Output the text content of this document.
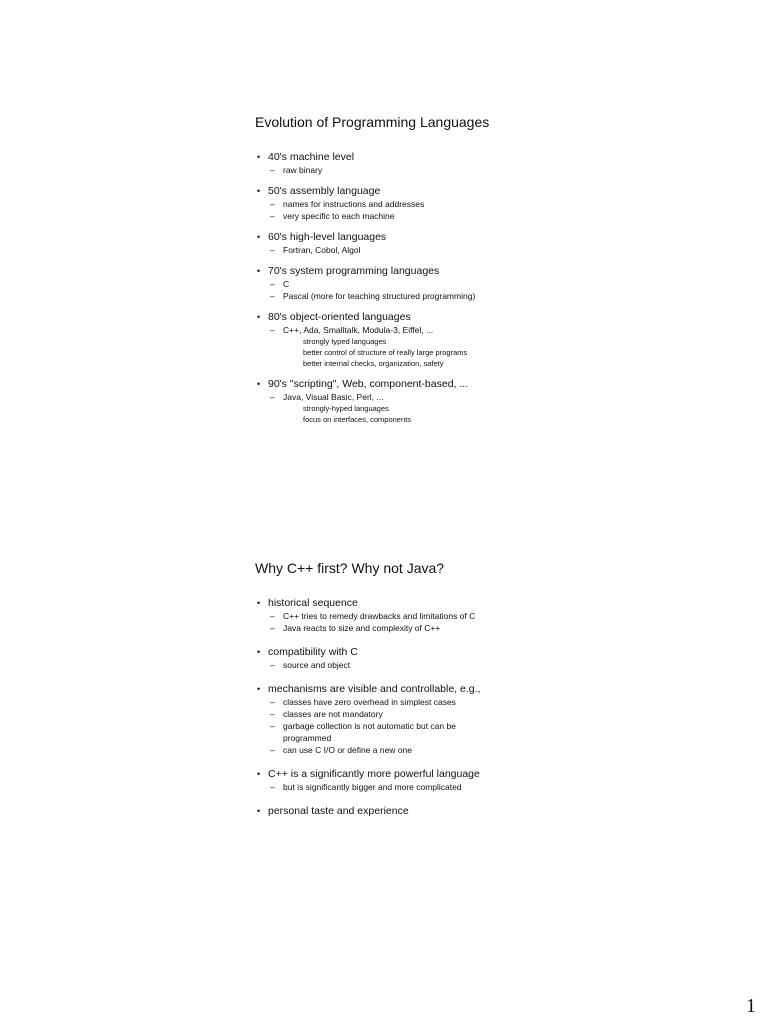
Evolution of Programming Languages
• 40's machine level
– raw binary
• 50's assembly language
– names for instructions and addresses
– very specific to each machine
• 60's high-level languages
– Fortran, Cobol, Algol
• 70's system programming languages
– C
– Pascal (more for teaching structured programming)
• 80's object-oriented languages
– C++, Ada, Smalltalk, Modula-3, Eiffel, ...
strongly typed languages
better control of structure of really large programs
better internal checks, organization, safety
• 90's "scripting", Web, component-based, ...
– Java, Visual Basic, Perl, ...
strongly-hyped languages
focus on interfaces, components
Why C++ first? Why not Java?
• historical sequence
– C++ tries to remedy drawbacks and limitations of C
– Java reacts to size and complexity of C++
• compatibility with C
– source and object
• mechanisms are visible and controllable, e.g.,
– classes have zero overhead in simplest cases
– classes are not mandatory
– garbage collection is not automatic but can be programmed
– can use C I/O or define a new one
• C++ is a significantly more powerful language
– but is significantly bigger and more complicated
• personal taste and experience
1
